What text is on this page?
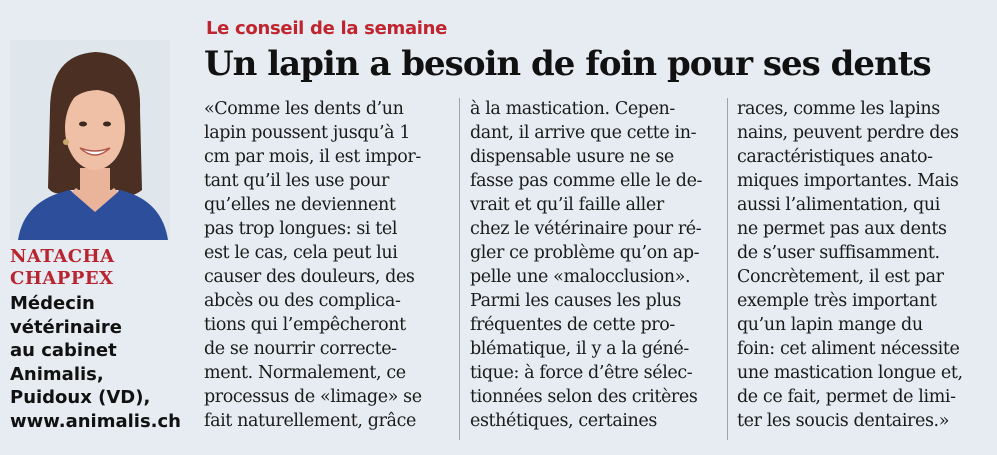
NATACHA
CHAPPEX
Médecin
vétérinaire
au cabinet
Animalis,
Puidoux (VD),
www.animalis.ch
Le conseil de la semaine
Un lapin a besoin de foin pour ses dents
«Comme les dents d’un
lapin poussent jusqu’à 1
cm par mois, il est impor-
tant qu’il les use pour
qu’elles ne deviennent
pas trop longues: si tel
est le cas, cela peut lui
causer des douleurs, des
abcès ou des complica-
tions qui l’empêcheront
de se nourrir correcte-
ment. Normalement, ce
processus de «limage» se
fait naturellement, grâce
à la mastication. Cepen-
dant, il arrive que cette in-
dispensable usure ne se
fasse pas comme elle le de-
vrait et qu’il faille aller
chez le vétérinaire pour ré-
gler ce problème qu’on ap-
pelle une «malocclusion».
Parmi les causes les plus
fréquentes de cette pro-
blématique, il y a la géné-
tique: à force d’être sélec-
tionnées selon des critères
esthétiques, certaines
races, comme les lapins
nains, peuvent perdre des
caractéristiques anato-
miques importantes. Mais
aussi l’alimentation, qui
ne permet pas aux dents
de s’user suffisamment.
Concrètement, il est par
exemple très important
qu’un lapin mange du
foin: cet aliment nécessite
une mastication longue et,
de ce fait, permet de limi-
ter les soucis dentaires.»
